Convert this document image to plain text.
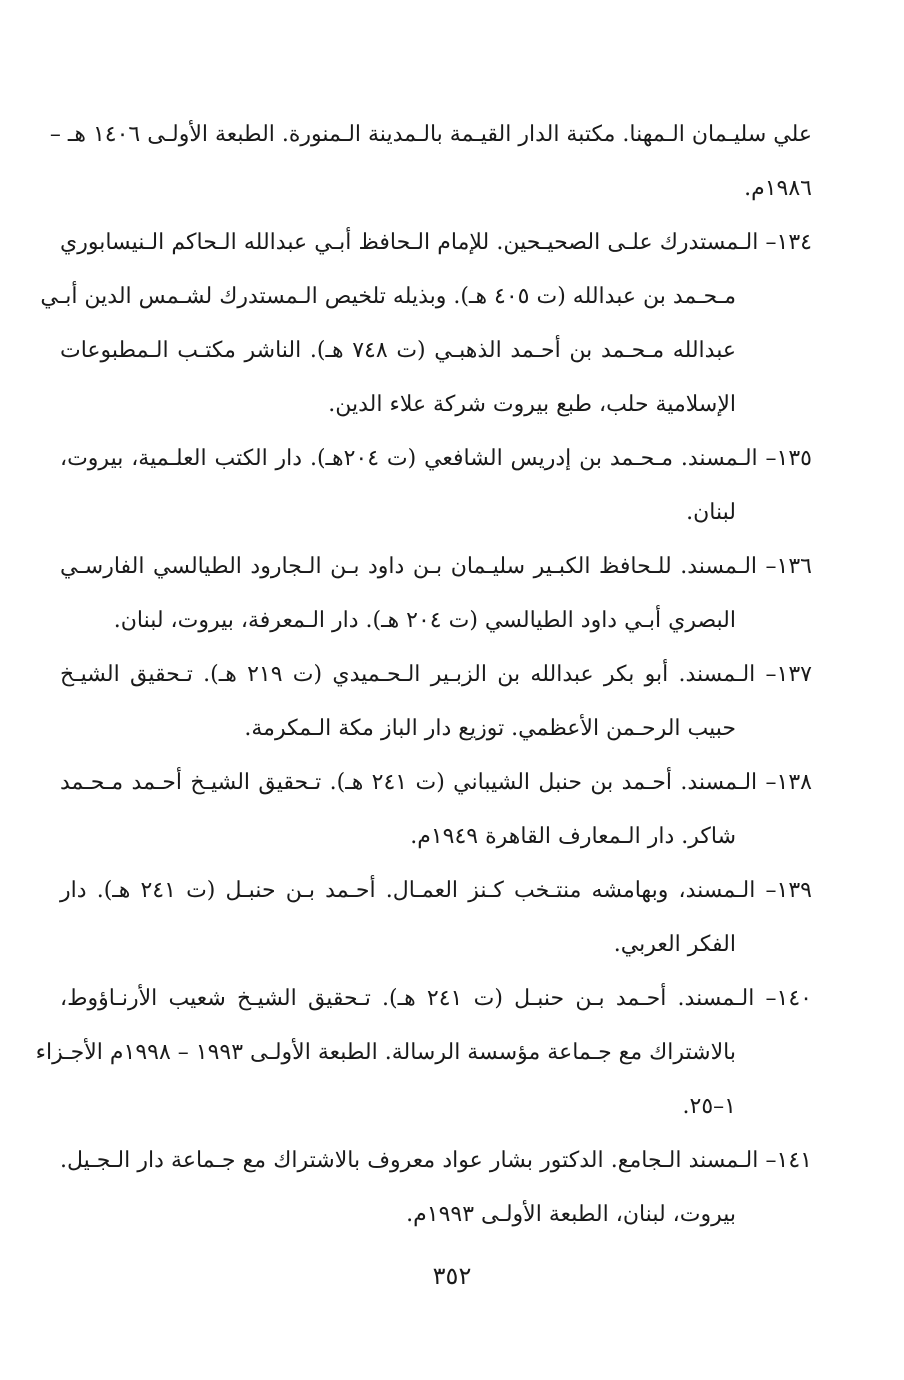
علي سليـمان الـمهنا. مكتبة الدار القيـمة بالـمدينة الـمنورة. الطبعة الأولـى ١٤٠٦ هـ –
١٩٨٦م.
١٣٤– الـمستدرك علـى الصحيـحين. للإمام الـحافظ أبـي عبدالله الـحاكم الـنيسابوري
مـحـمد بن عبدالله (ت ٤٠٥ هـ). وبذيله تلخيص الـمستدرك لشـمس الدين أبـي
عبدالله مـحـمد بن أحـمد الذهبـي (ت ٧٤٨ هـ). الناشر مكتـب الـمطبوعات
الإسلامية حلب، طبع بيروت شركة علاء الدين.
١٣٥– الـمسند. مـحـمد بن إدريس الشافعي (ت ٢٠٤هـ). دار الكتب العلـمية، بيروت،
لبنان.
١٣٦– الـمسند. للـحافظ الكبـير سليـمان بـن داود بـن الـجارود الطيالسي الفارسـي
البصري أبـي داود الطيالسي (ت ٢٠٤ هـ). دار الـمعرفة، بيروت، لبنان.
١٣٧– الـمسند. أبو بكر عبدالله بن الزبـير الـحـميدي (ت ٢١٩ هـ). تـحقيق الشيـخ
حبيب الرحـمن الأعظمي. توزيع دار الباز مكة الـمكرمة.
١٣٨– الـمسند. أحـمد بن حنبل الشيباني (ت ٢٤١ هـ). تـحقيق الشيـخ أحـمد مـحـمد
شاكر. دار الـمعارف القاهرة ١٩٤٩م.
١٣٩– الـمسند، وبهامشه منتـخب كـنز العمـال. أحـمد بـن حنبـل (ت ٢٤١ هـ). دار
الفكر العربي.
١٤٠– الـمسند. أحـمد بـن حنبـل (ت ٢٤١ هـ). تـحقيق الشيـخ شعيب الأرنـاؤوط،
بالاشتراك مع جـماعة مؤسسة الرسالة. الطبعة الأولـى ١٩٩٣ – ١٩٩٨م الأجـزاء
١–٢٥.
١٤١– الـمسند الـجامع. الدكتور بشار عواد معروف بالاشتراك مع جـماعة دار الـجـيل.
بيروت، لبنان، الطبعة الأولـى ١٩٩٣م.
٣٥٢
